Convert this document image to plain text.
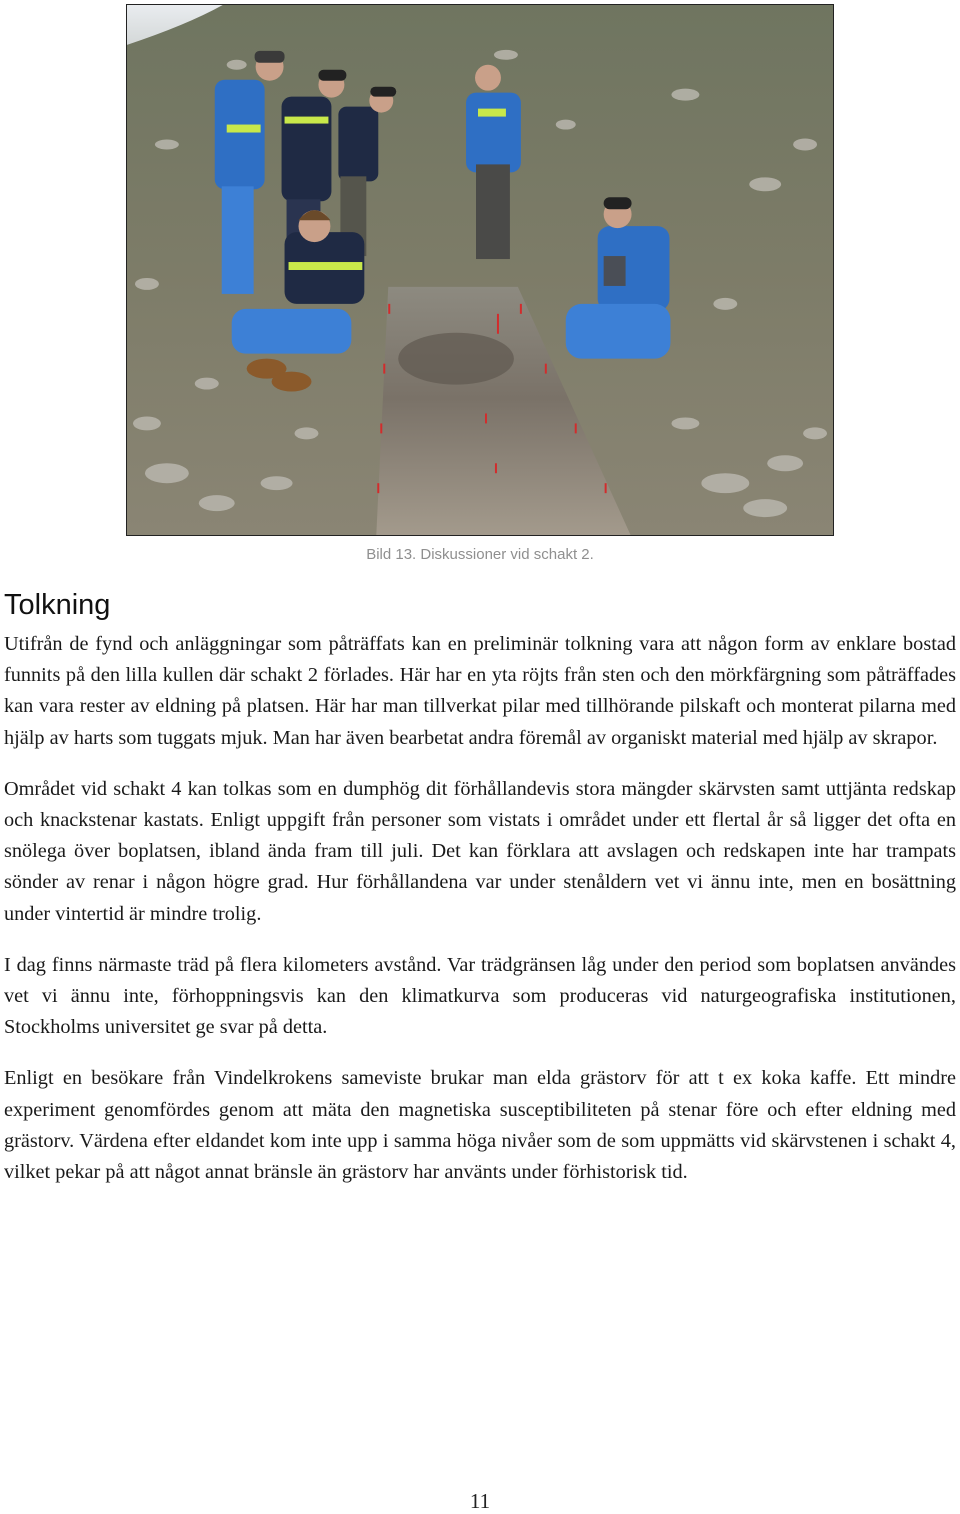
Bild 13. Diskussioner vid schakt 2.
Tolkning

Utifrån de fynd och anläggningar som påträffats kan en preliminär tolkning vara att någon form av enklare bostad funnits på den lilla kullen där schakt 2 förlades. Här har en yta röjts från sten och den mörkfärgning som påträffades kan vara rester av eldning på platsen. Här har man tillverkat pilar med tillhörande pilskaft och monterat pilarna med hjälp av harts som tuggats mjuk. Man har även bearbetat andra föremål av organiskt material med hjälp av skrapor.

Området vid schakt 4 kan tolkas som en dumphög dit förhållandevis stora mängder skärvsten samt uttjänta redskap och knackstenar kastats. Enligt uppgift från personer som vistats i området under ett flertal år så ligger det ofta en snölega över boplatsen, ibland ända fram till juli. Det kan förklara att avslagen och redskapen inte har trampats sönder av renar i någon högre grad. Hur förhållandena var under stenåldern vet vi ännu inte, men en bosättning under vintertid är mindre trolig.

I dag finns närmaste träd på flera kilometers avstånd. Var trädgränsen låg under den period som boplatsen användes vet vi ännu inte, förhoppningsvis kan den klimatkurva som produceras vid naturgeografiska institutionen, Stockholms universitet ge svar på detta.

Enligt en besökare från Vindelkrokens sameviste brukar man elda grästorv för att t ex koka kaffe. Ett mindre experiment genomfördes genom att mäta den magnetiska susceptibiliteten på stenar före och efter eldning med grästorv. Värdena efter eldandet kom inte upp i samma höga nivåer som de som uppmätts vid skärvstenen i schakt 4, vilket pekar på att något annat bränsle än grästorv har använts under förhistorisk tid.

11
